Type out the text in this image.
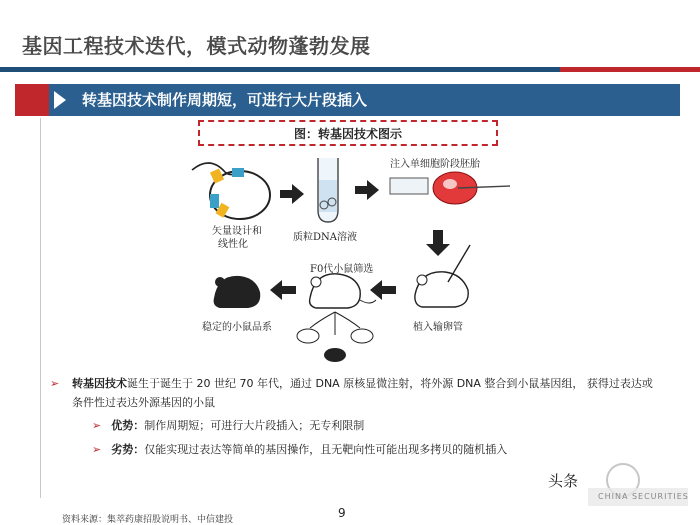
基因工程技术迭代，模式动物蓬勃发展
转基因技术制作周期短，可进行大片段插入
图：转基因技术图示
矢量设计和
线性化
质粒DNA溶液
注入单细胞阶段胚胎
F0代小鼠筛选
稳定的小鼠品系	植入输卵管
➢	转基因技术诞生于诞生于 20 世纪 70 年代，通过 DNA 原核显微注射，将外源 DNA 整合到小鼠基因组， 获得过表达或
条件性过表达外源基因的小鼠
➢ 优势：制作周期短；可进行大片段插入；无专利限制
➢ 劣势：仅能实现过表达等简单的基因操作，且无靶向性可能出现多拷贝的随机插入
资料来源：集萃药康招股说明书、中信建投	9
头条
CHINA SECURITIES
